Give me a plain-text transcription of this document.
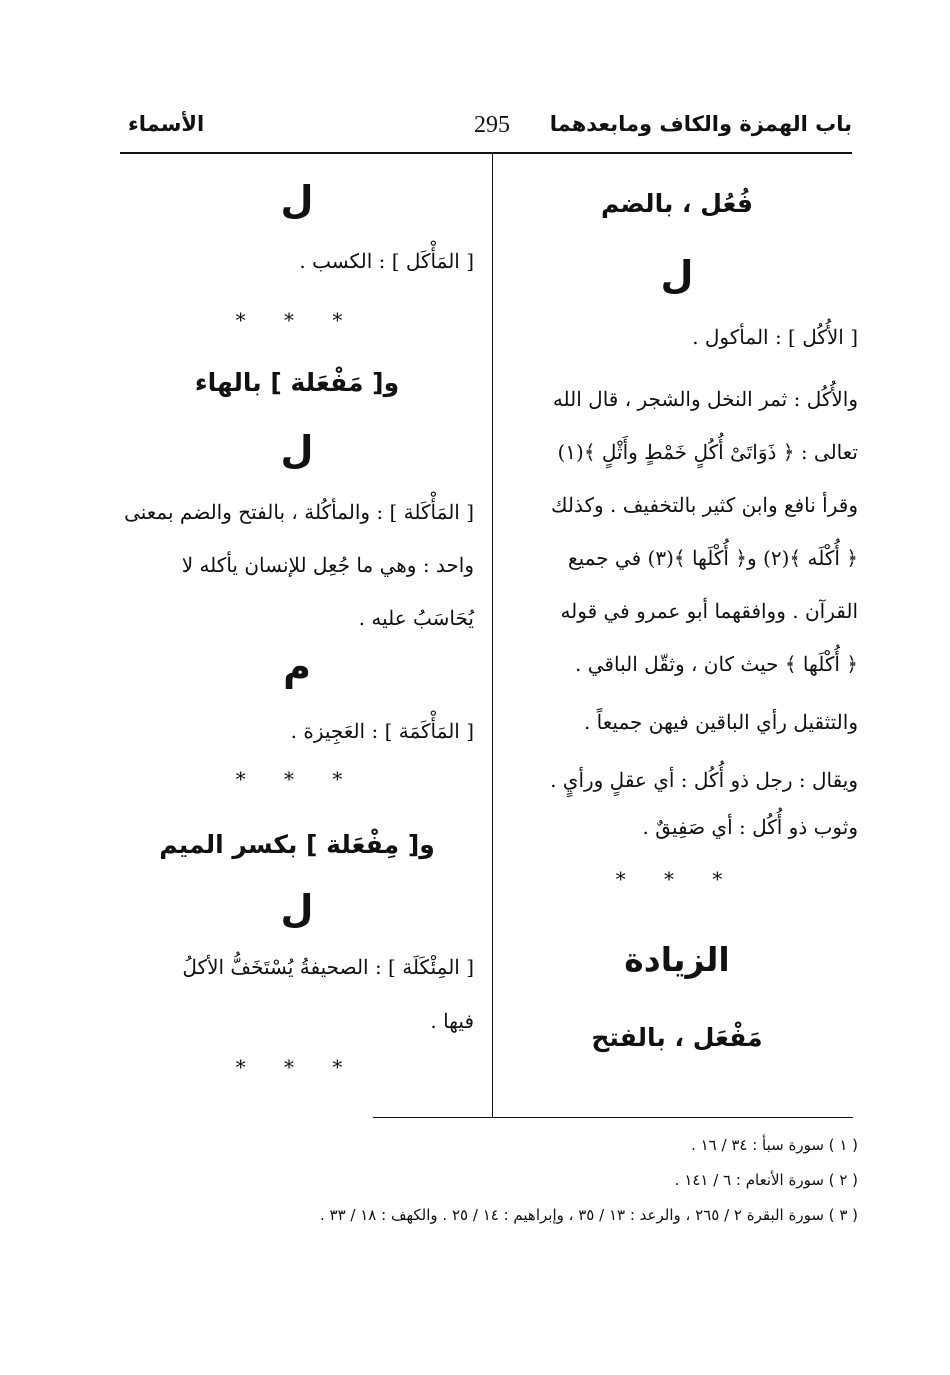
باب الهمزة والكاف ومابعدهما
295
الأسماء
فُعُل ، بالضم
ل
[ الأُكُل ] : المأكول .
والأُكُل : ثمر النخل والشجر ، قال الله
تعالى : ﴿ ذَوَاتَىْ أُكُلٍ خَمْطٍ وأَثْلٍ ﴾(١)
وقرأ نافع وابن كثير بالتخفيف . وكذلك
﴿ أُكْلَه ﴾(٢) و﴿ أُكْلَها ﴾(٣) في جميع
القرآن . ووافقهما أبو عمرو في قوله
﴿ أُكْلَها ﴾ حيث كان ، وثقّل الباقي .
والتثقيل رأي الباقين فيهن جميعاً .
ويقال : رجل ذو أُكُل : أي عقلٍ ورأيٍ .
وثوب ذو أُكُل : أي صَفِيقٌ .
* * *
الزيادة
مَفْعَل ، بالفتح
ل
[ المَأْكَل ] : الكسب .
* * *
و[ مَفْعَلة ] بالهاء
ل
[ المَأْكَلة ] : والمأكُلة ، بالفتح والضم بمعنى
واحد : وهي ما جُعِل للإنسان يأكله لا
يُحَاسَبُ عليه .
م
[ المَأْكَمَة ] : العَجِيزة .
* * *
و[ مِفْعَلة ] بكسر الميم
ل
[ المِئْكَلَة ] : الصحيفةُ يُسْتَخَفُّ الأكلُ
فيها .
* * *
( ١ ) سورة سبأ : ٣٤ / ١٦ .
( ٢ ) سورة الأنعام : ٦ / ١٤١ .
( ٣ ) سورة البقرة ٢ / ٢٦٥ ، والرعد : ١٣ / ٣٥ ، وإبراهيم : ١٤ / ٢٥ . والكهف : ١٨ / ٣٣ .
